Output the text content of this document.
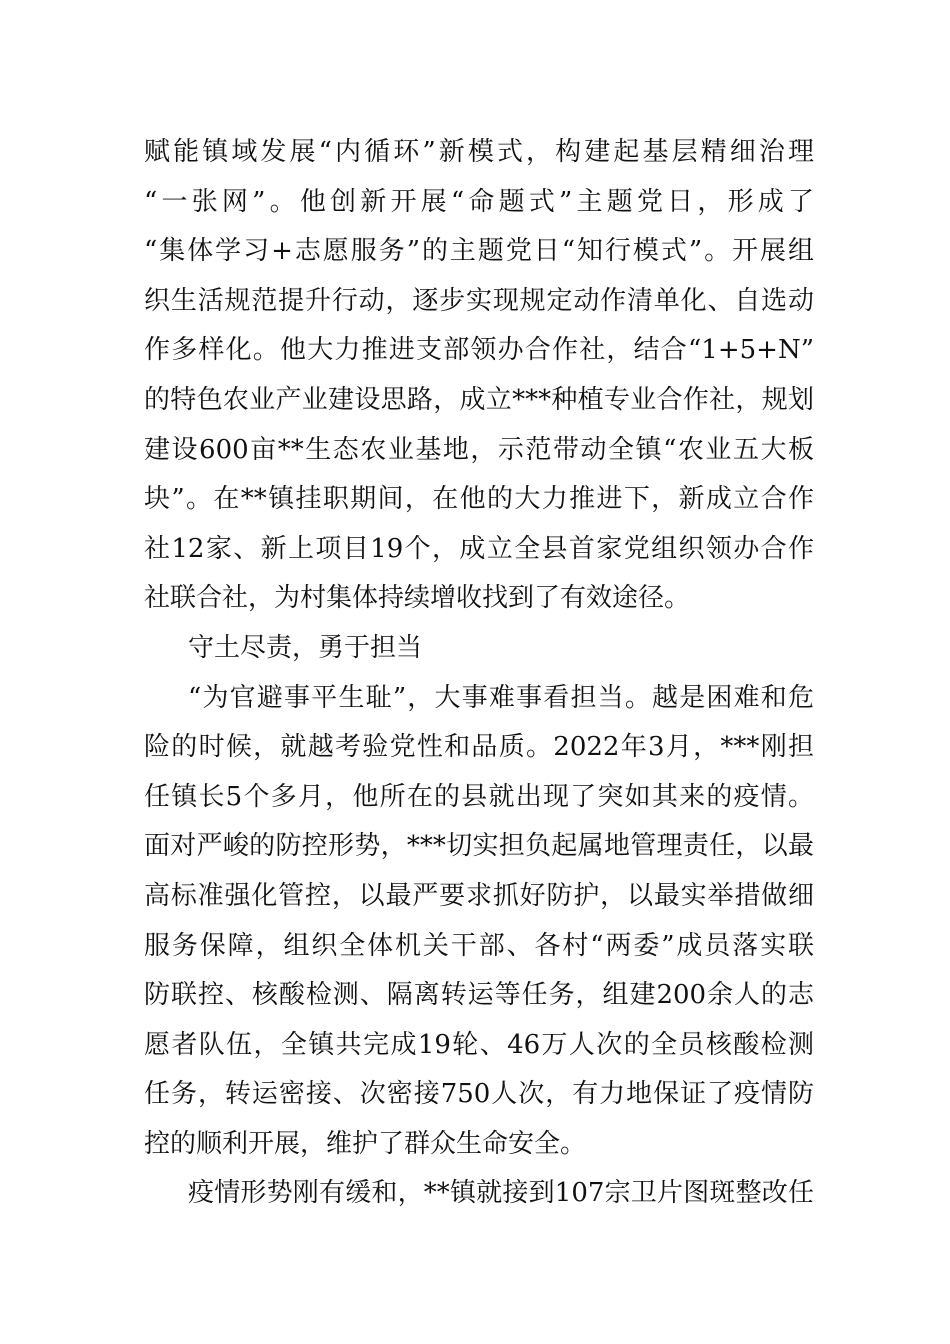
赋能镇域发展“内循环”新模式，构建起基层精细治理
“一张网”。他创新开展“命题式”主题党日，形成了
“集体学习+志愿服务”的主题党日“知行模式”。开展组
织生活规范提升行动，逐步实现规定动作清单化、自选动
作多样化。他大力推进支部领办合作社，结合“1+5+N”
的特色农业产业建设思路，成立***种植专业合作社，规划
建设600亩**生态农业基地，示范带动全镇“农业五大板
块”。在**镇挂职期间，在他的大力推进下，新成立合作
社12家、新上项目19个，成立全县首家党组织领办合作
社联合社，为村集体持续增收找到了有效途径。
守土尽责，勇于担当
“为官避事平生耻”，大事难事看担当。越是困难和危
险的时候，就越考验党性和品质。2022年3月，***刚担
任镇长5个多月，他所在的县就出现了突如其来的疫情。
面对严峻的防控形势，***切实担负起属地管理责任，以最
高标准强化管控，以最严要求抓好防护，以最实举措做细
服务保障，组织全体机关干部、各村“两委”成员落实联
防联控、核酸检测、隔离转运等任务，组建200余人的志
愿者队伍，全镇共完成19轮、46万人次的全员核酸检测
任务，转运密接、次密接750人次，有力地保证了疫情防
控的顺利开展，维护了群众生命安全。
疫情形势刚有缓和，**镇就接到107宗卫片图斑整改任
